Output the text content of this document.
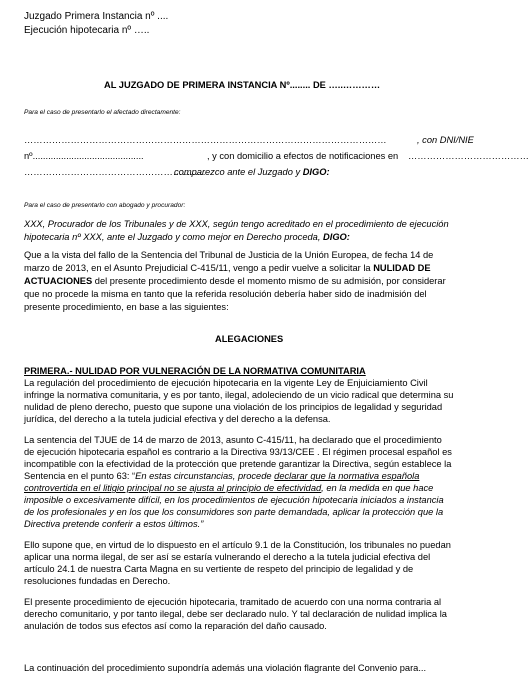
Juzgado Primera Instancia nº ....
Ejecución hipotecaria nº …..
AL JUZGADO DE PRIMERA INSTANCIA Nº........ DE …..…………
Para el caso de presentarlo el afectado directamente:
………………………………………………………………………………………………………	, con DNI/NIE
nº...........................................	, y con domicilio a efectos de notificaciones en …………………………………
…………………………………………….........
comparezco ante el Juzgado y DIGO:
Para el caso de presentarlo con abogado y procurador:
XXX, Procurador de los Tribunales y de XXX, según tengo acreditado en el procedimiento de ejecución
hipotecaria nº XXX, ante el Juzgado y como mejor en Derecho proceda, DIGO:
Que a la vista del fallo de la Sentencia del Tribunal de Justicia de la Unión Europea, de fecha 14 de
marzo de 2013, en el Asunto Prejudicial C-415/11, vengo a pedir vuelve a solicitar la NULIDAD DE
ACTUACIONES del presente procedimiento desde el momento mismo de su admisión, por considerar
que no procede la misma en tanto que la referida resolución debería haber sido de inadmisión del
presente procedimiento, en base a las siguientes:
ALEGACIONES
PRIMERA.- NULIDAD POR VULNERACIÓN DE LA NORMATIVA COMUNITARIA
La regulación del procedimiento de ejecución hipotecaria en la vigente Ley de Enjuiciamiento Civil
infringe la normativa comunitaria, y es por tanto, ilegal, adoleciendo de un vicio radical que determina su
nulidad de pleno derecho, puesto que supone una violación de los principios de legalidad y seguridad
jurídica, del derecho a la tutela judicial efectiva y del derecho a la defensa.
La sentencia del TJUE de 14 de marzo de 2013, asunto C-415/11, ha declarado que el procedimiento
de ejecución hipotecaria español es contrario a la Directiva 93/13/CEE . El régimen procesal español es
incompatible con la efectividad de la protección que pretende garantizar la Directiva, según establece la
Sentencia en el punto 63: “En estas circunstancias, procede declarar que la normativa española
controvertida en el litigio principal no se ajusta al principio de efectividad, en la medida en que hace
imposible o excesivamente difícil, en los procedimientos de ejecución hipotecaria iniciados a instancia
de los profesionales y en los que los consumidores son parte demandada, aplicar la protección que la
Directiva pretende conferir a estos últimos.”
Ello supone que, en virtud de lo dispuesto en el artículo 9.1 de la Constitución, los tribunales no puedan
aplicar una norma ilegal, de ser así se estaría vulnerando el derecho a la tutela judicial efectiva del
artículo 24.1 de nuestra Carta Magna en su vertiente de respeto del principio de legalidad y de
resoluciones fundadas en Derecho.
El presente procedimiento de ejecución hipotecaria, tramitado de acuerdo con una norma contraria al
derecho comunitario, y por tanto ilegal, debe ser declarado nulo. Y tal declaración de nulidad implica la
anulación de todos sus efectos así como la reparación del daño causado.
La continuación del procedimiento supondría además una violación flagrante del Convenio para...
